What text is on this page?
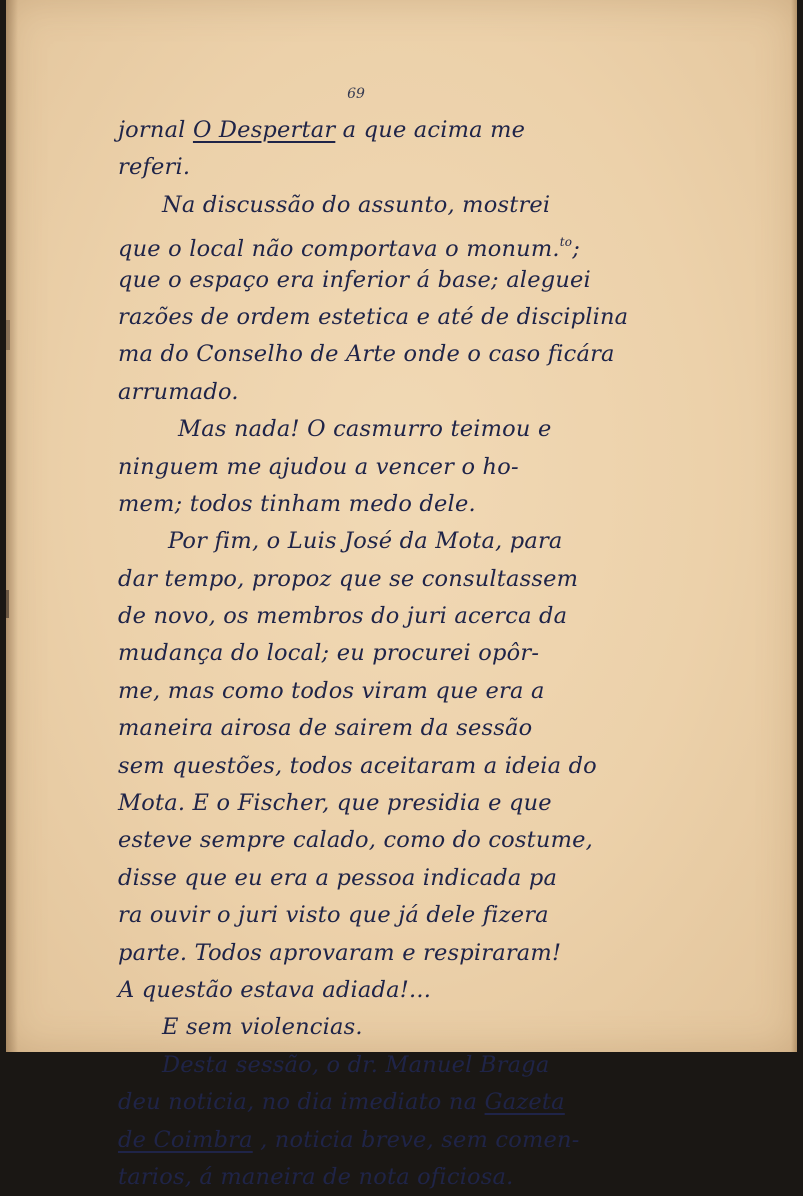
69
jornal O Despertar a que acima me
referi.
Na discussão do assunto, mostrei
que o local não comportava o monum.$^{to}$;
que o espaço era inferior á base; aleguei
razões de ordem estetica e até de disciplina
ma do Conselho de Arte onde o caso ficára
arrumado.
Mas nada! O casmurro teimou e
ninguem me ajudou a vencer o ho-
mem; todos tinham medo dele.
Por fim, o Luis José da Mota, para
dar tempo, propoz que se consultassem
de novo, os membros do juri acerca da
mudança do local; eu procurei opôr-
me, mas como todos viram que era a
maneira airosa de sairem da sessão
sem questões, todos aceitaram a ideia do
Mota. E o Fischer, que presidia e que
esteve sempre calado, como do costume,
disse que eu era a pessoa indicada pa
ra ouvir o juri visto que já dele fizera
parte. Todos aprovaram e respiraram!
A questão estava adiada!...
E sem violencias.
Desta sessão, o dr. Manuel Braga
deu noticia, no dia imediato na Gazeta
de Coimbra , noticia breve, sem comen-
tarios, á maneira de nota oficiosa.
